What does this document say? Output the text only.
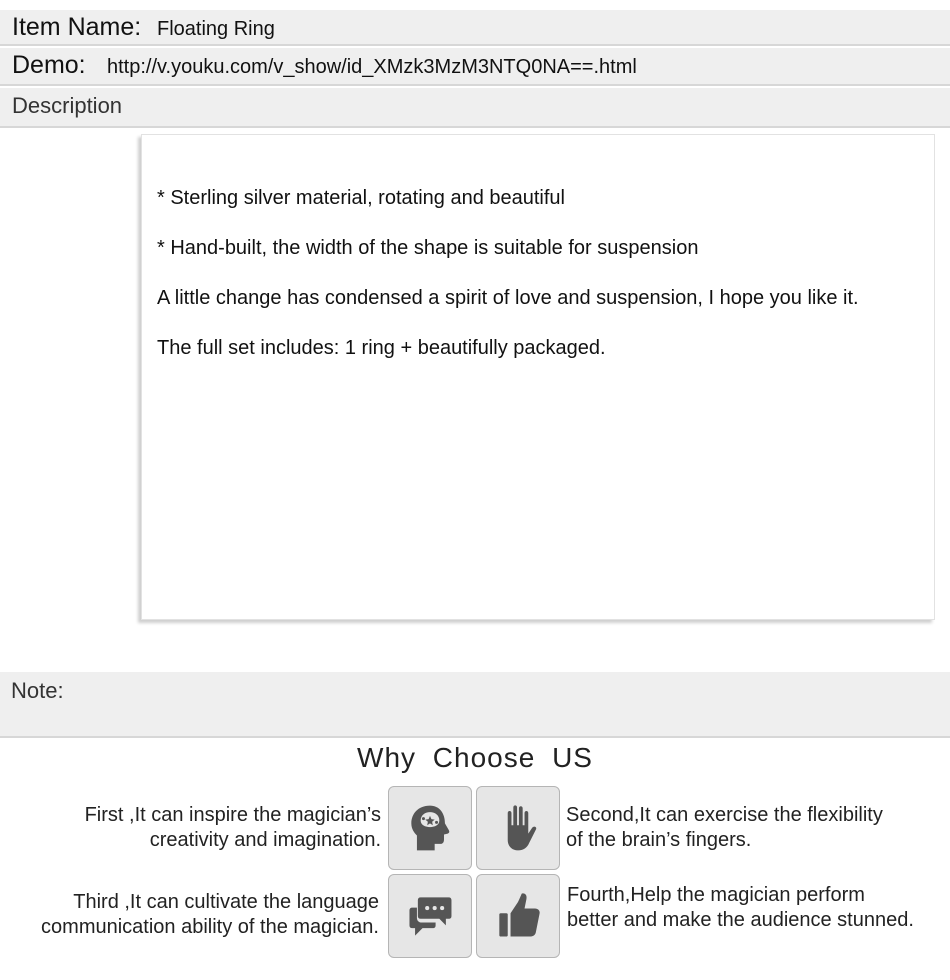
Item Name: Floating Ring
Demo: http://v.youku.com/v_show/id_XMzk3MzM3NTQ0NA==.html
Description
* Sterling silver material, rotating and beautiful
* Hand-built, the width of the shape is suitable for suspension
A little change has condensed a spirit of love and suspension, I hope you like it.
The full set includes: 1 ring + beautifully packaged.
Note:
Why Choose US
First ,It can inspire the magician’s
creativity and imagination.
Second,It can exercise the flexibility
of the brain’s fingers.
Third ,It can cultivate the language
communication ability of the magician.
Fourth,Help the magician perform
better and make the audience stunned.
